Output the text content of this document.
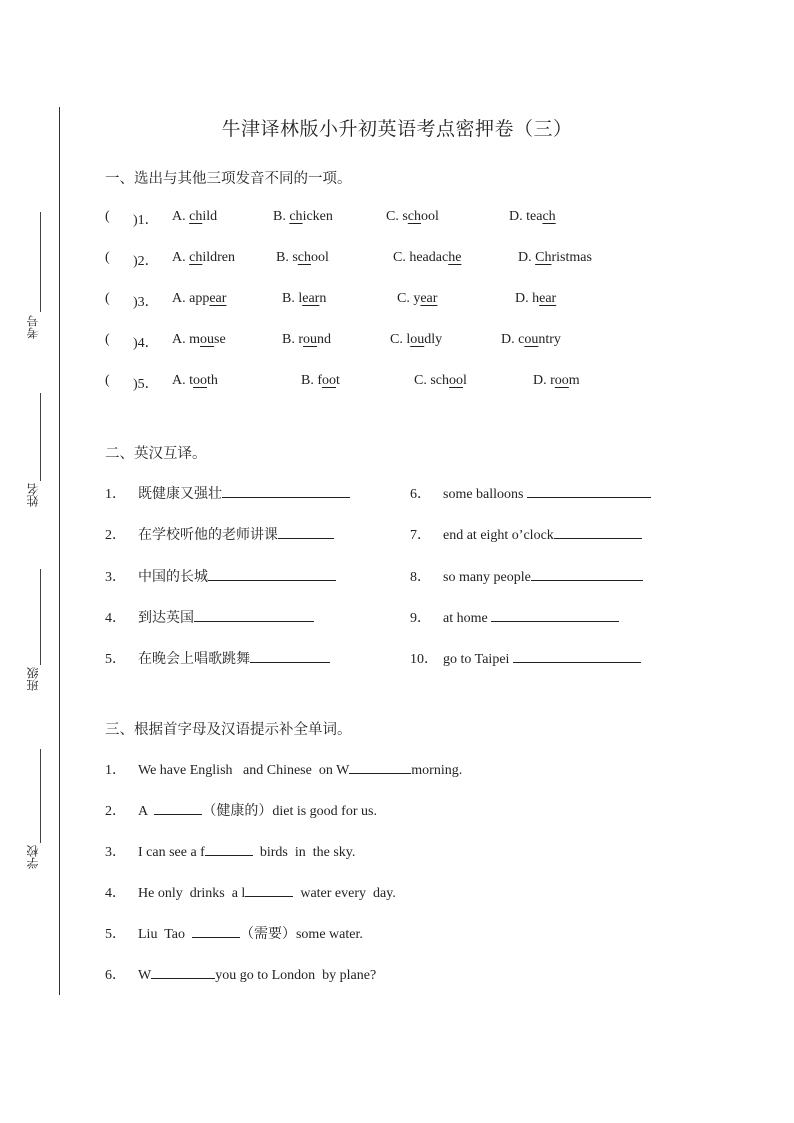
考号
姓名
班级
学校
牛津译林版小升初英语考点密押卷（三）
一、选出与其他三项发音不同的一项。
( )1． A. child	B. chicken	C. school	D. teach
( )2． A. children	B. school	C. headache	D. Christmas
( )3． A. appear	B. learn	C. year	D. hear
( )4． A. mouse	B. round	C. loudly	D. country
( )5． A. tooth	B. foot	C. school	D. room
二、英汉互译。
1． 既健康又强壮	6． some balloons
2． 在学校听他的老师讲课	7． end at eight o’clock
3． 中国的长城	8． so many people
4． 到达英国	9． at home
5． 在晚会上唱歌跳舞	10． go to Taipei
三、根据首字母及汉语提示补全单词。
1． We have English   and Chinese  on W	morning.
2． A	（健康的）diet is good for us.
3． I can see a f	birds  in  the sky.
4． He only  drinks  a l	water every  day.
5． Liu  Tao	（需要）some water.
6． W	you go to London  by plane?
